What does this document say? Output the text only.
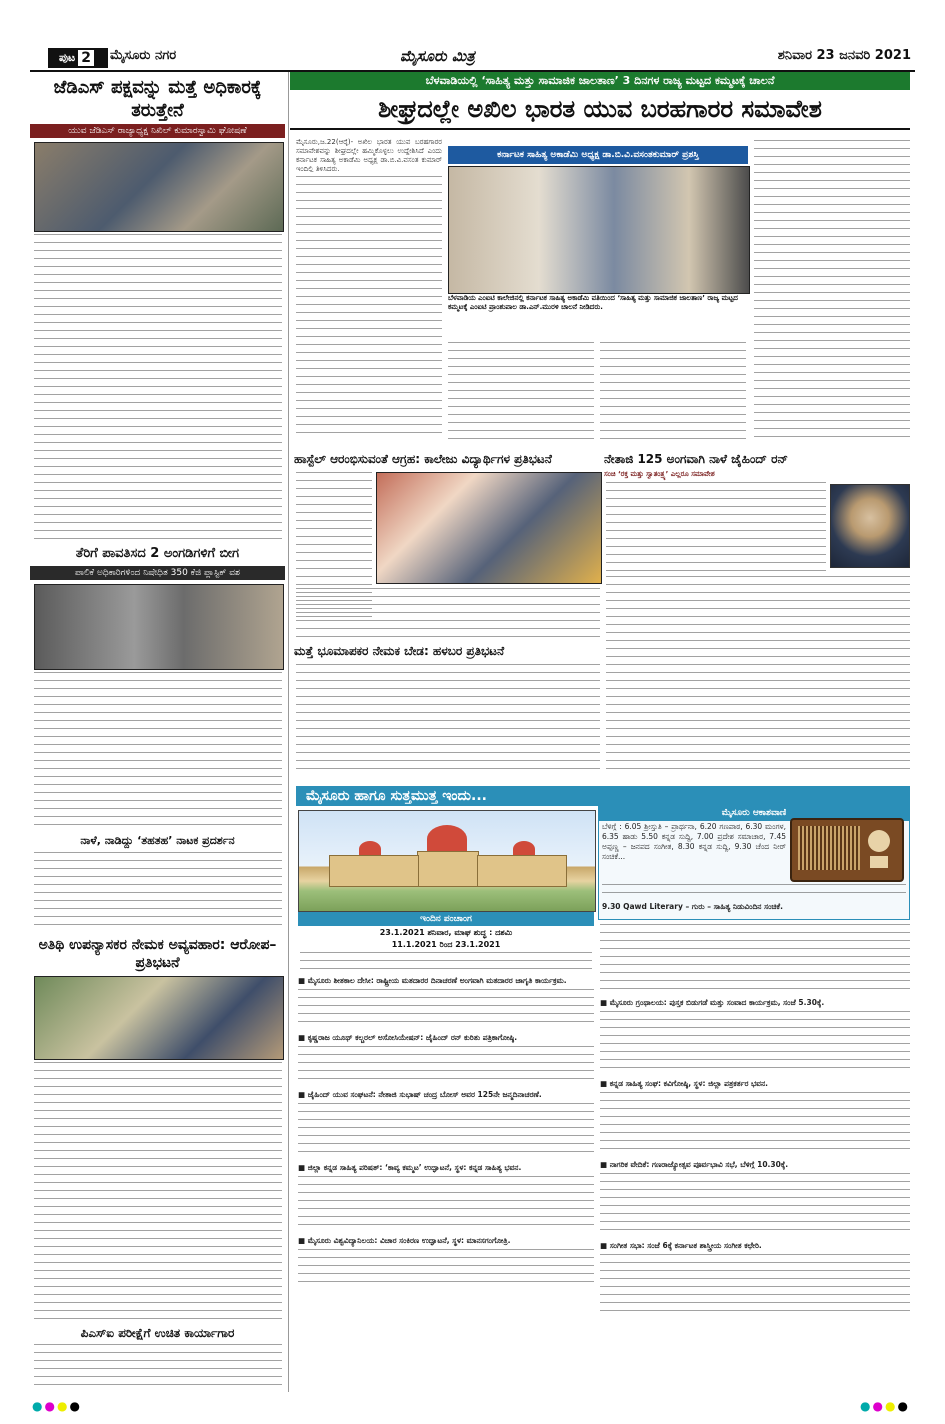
ಪುಟ 2 ಮೈಸೂರು ನಗರ	ಮೈಸೂರು ಮಿತ್ರ	ಶನಿವಾರ 23 ಜನವರಿ 2021
ಜೆಡಿಎಸ್ ಪಕ್ಷವನ್ನು ಮತ್ತೆ ಅಧಿಕಾರಕ್ಕೆ ತರುತ್ತೇನೆ
ಯುವ ಜೆಡಿಎಸ್ ರಾಜ್ಯಾಧ್ಯಕ್ಷ ನಿಖಿಲ್ ಕುಮಾರಸ್ವಾಮಿ ಘೋಷಣೆ
ತೆರಿಗೆ ಪಾವತಿಸದ 2 ಅಂಗಡಿಗಳಿಗೆ ಬೀಗ
ಪಾಲಿಕೆ ಅಧಿಕಾರಿಗಳಿಂದ ನಿಷೇಧಿತ 350 ಕೆಜಿ ಪ್ಲಾಸ್ಟಿಕ್ ವಶ
ನಾಳೆ, ನಾಡಿದ್ದು ‘ತಹತಹ’ ನಾಟಕ ಪ್ರದರ್ಶನ
ಅತಿಥಿ ಉಪನ್ಯಾಸಕರ ನೇಮಕ ಅವ್ಯವಹಾರ: ಆರೋಪ–ಪ್ರತಿಭಟನೆ
ಪಿಎಸ್‌ಐ ಪರೀಕ್ಷೆಗೆ ಉಚಿತ ಕಾರ್ಯಾಗಾರ
ಬೆಳವಾಡಿಯಲ್ಲಿ ‘ಸಾಹಿತ್ಯ ಮತ್ತು ಸಾಮಾಜಿಕ ಜಾಲತಾಣ’ 3 ದಿನಗಳ ರಾಜ್ಯ ಮಟ್ಟದ ಕಮ್ಮಟಕ್ಕೆ ಚಾಲನೆ
ಶೀಘ್ರದಲ್ಲೇ ಅಖಿಲ ಭಾರತ ಯುವ ಬರಹಗಾರರ ಸಮಾವೇಶ
ಮೈಸೂರು,ಜ.22(ಆರ್‍ಕೆ)- ಅಖಿಲ ಭಾರತ ಯುವ ಬರಹಗಾರರ ಸಮಾವೇಶವನ್ನು ಶೀಘ್ರದಲ್ಲೇ ಹಮ್ಮಿಕೊಳ್ಳಲು ಉದ್ದೇಶಿಸಿದೆ ಎಂದು ಕರ್ನಾಟಕ ಸಾಹಿತ್ಯ ಅಕಾಡೆಮಿ ಅಧ್ಯಕ್ಷ ಡಾ.ಬಿ.ವಿ.ವಸಂತ ಕುಮಾರ್ ಇಂದಿಲ್ಲಿ ತಿಳಿಸಿದರು.
ಕರ್ನಾಟಕ ಸಾಹಿತ್ಯ ಅಕಾಡೆಮಿ ಅಧ್ಯಕ್ಷ ಡಾ.ಬಿ.ವಿ.ವಸಂತಕುಮಾರ್ ಪ್ರಶಸ್ತಿ
ಬೆಳವಾಡಿಯ ಎಂಐಟಿ ಕಾಲೇಜಿನಲ್ಲಿ ಕರ್ನಾಟಕ ಸಾಹಿತ್ಯ ಅಕಾಡೆಮಿ ವತಿಯಿಂದ ‘ಸಾಹಿತ್ಯ ಮತ್ತು ಸಾಮಾಜಿಕ ಜಾಲತಾಣ’ ರಾಜ್ಯ ಮಟ್ಟದ ಕಮ್ಮಟಕ್ಕೆ ಎಂಐಟಿ ಪ್ರಾಂಶುಪಾಲ ಡಾ.ಎನ್.ಮುರಳಿ ಚಾಲನೆ ನೀಡಿದರು.
ಹಾಸ್ಟೆಲ್ ಆರಂಭಿಸುವಂತೆ ಆಗ್ರಹ: ಕಾಲೇಜು ವಿದ್ಯಾರ್ಥಿಗಳ ಪ್ರತಿಭಟನೆ	ನೇತಾಜಿ 125 ಅಂಗವಾಗಿ ನಾಳೆ ಜೈಹಿಂದ್ ರನ್
ಸಂಚಿ ‘ರಕ್ತ ಮತ್ತು ಸ್ವಾತಂತ್ರ್ಯ’ ಎಲ್ಲರೂ ಸಮಾವೇಶ
ಮತ್ತೆ ಭೂಮಾಪಕರ ನೇಮಕ ಬೇಡ: ಹಳಬರ ಪ್ರತಿಭಟನೆ
ಮೈಸೂರು ಹಾಗೂ ಸುತ್ತಮುತ್ತ ಇಂದು...
ಇಂದಿನ ಪಂಚಾಂಗ
23.1.2021 ಶನಿವಾರ, ಮಾಘ ಶುದ್ಧ : ದಶಮಿ
11.1.2021 ರಿಂದ 23.1.2021
ಮೈಸೂರು ಆಕಾಶವಾಣಿ
ಬೆಳಿಗ್ಗೆ : 6.05 ಶ್ರೀಸ್ತುತಿ – ಪ್ರಾರ್ಥನಾ, 6.20 ಗಣಪಾಠ, 6.30 ಮಂಗಳ, 6.35 ಹಾಡು 5.50 ಕನ್ನಡ ಸುದ್ದಿ, 7.00 ಪ್ರದೇಶ ಸಮಾಚಾರ, 7.45 ಅಪ್ಪಣ್ಣ – ಜನಪದ ಸಂಗೀತ, 8.30 ಕನ್ನಡ ಸುದ್ದಿ, 9.30 ಚೆಂದ ನೀರ್ ಸಂಚಿಕೆ...
9.30 Qawd Literary – ಗುರು – ಸಾಹಿತ್ಯ ನಿಡುವಿಂದಿನ ಸಂಚಿಕೆ.
■ ಮೈಸೂರು ಶೀತಕಾಲ ದೇಸೀ: ರಾಷ್ಟ್ರೀಯ ಮತದಾರರ ದಿನಾಚರಣೆ ಅಂಗವಾಗಿ ಮತದಾರರ ಜಾಗೃತಿ ಕಾರ್ಯಕ್ರಮ.
■ ಕೃಷ್ಣರಾಜ ಯೂಥ್ ಕಲ್ಚರಲ್ ಅಸೋಸಿಯೇಷನ್: ಜೈಹಿಂದ್ ರನ್ ಕುರಿತು ಪತ್ರಿಕಾಗೋಷ್ಠಿ.
■ ಜೈಹಿಂದ್ ಯುವ ಸಂಘಟನೆ: ನೇತಾಜಿ ಸುಭಾಷ್ ಚಂದ್ರ ಬೋಸ್ ಅವರ 125ನೇ ಜನ್ಮದಿನಾಚರಣೆ.
■ ಜಿಲ್ಲಾ ಕನ್ನಡ ಸಾಹಿತ್ಯ ಪರಿಷತ್: ‘ಕಾವ್ಯ ಕಮ್ಮಟ’ ಉದ್ಘಾಟನೆ, ಸ್ಥಳ: ಕನ್ನಡ ಸಾಹಿತ್ಯ ಭವನ.
■ ಮೈಸೂರು ವಿಶ್ವವಿದ್ಯಾನಿಲಯ: ವಿಚಾರ ಸಂಕಿರಣ ಉದ್ಘಾಟನೆ, ಸ್ಥಳ: ಮಾನಸಗಂಗೋತ್ರಿ.
■ ಮೈಸೂರು ಗ್ರಂಥಾಲಯ: ಪುಸ್ತಕ ಬಿಡುಗಡೆ ಮತ್ತು ಸಂವಾದ ಕಾರ್ಯಕ್ರಮ, ಸಂಜೆ 5.30ಕ್ಕೆ.
■ ಕನ್ನಡ ಸಾಹಿತ್ಯ ಸಂಘ: ಕವಿಗೋಷ್ಠಿ, ಸ್ಥಳ: ಜಿಲ್ಲಾ ಪತ್ರಕರ್ತರ ಭವನ.
■ ನಾಗರಿಕ ವೇದಿಕೆ: ಗಣರಾಜ್ಯೋತ್ಸವ ಪೂರ್ವಭಾವಿ ಸಭೆ, ಬೆಳಿಗ್ಗೆ 10.30ಕ್ಕೆ.
■ ಸಂಗೀತ ಸಭಾ: ಸಂಜೆ 6ಕ್ಕೆ ಕರ್ನಾಟಕ ಶಾಸ್ತ್ರೀಯ ಸಂಗೀತ ಕಛೇರಿ.
●●●●	●●●●
